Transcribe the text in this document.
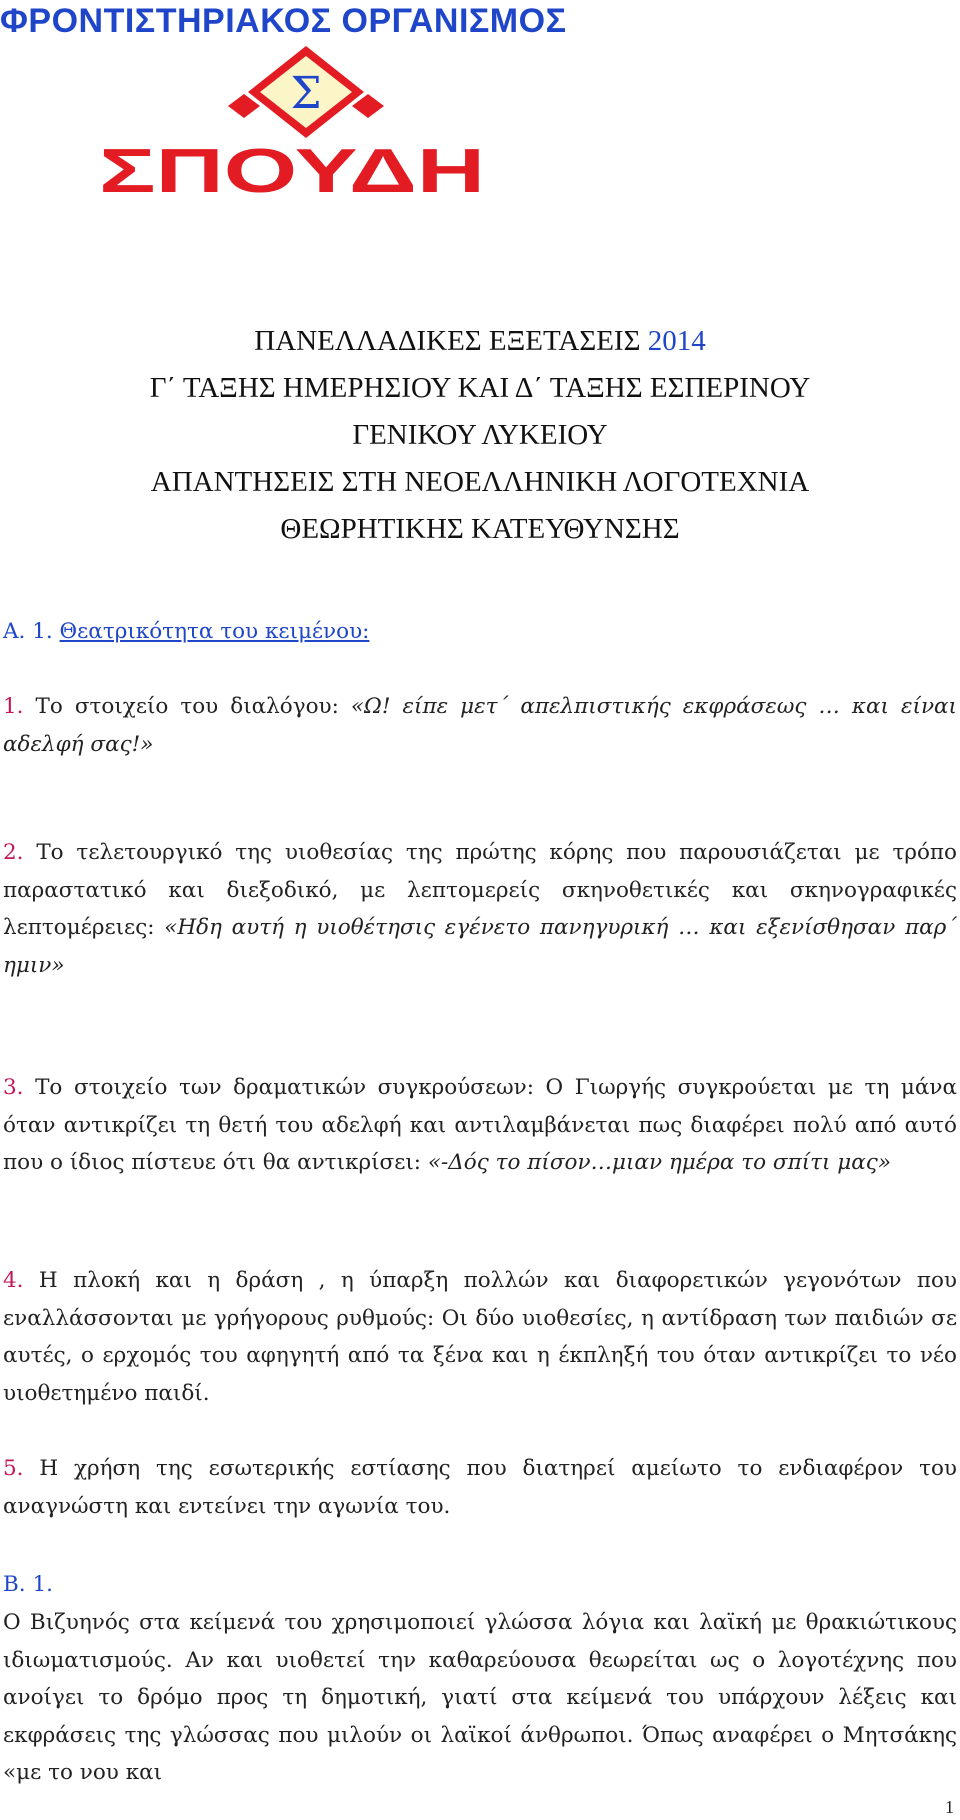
ΦΡΟΝΤΙΣΤΗΡΙΑΚΟΣ ΟΡΓΑΝΙΣΜΟΣ
Σ
ΣΠΟΥΔΗ
ΠΑΝΕΛΛΑΔΙΚΕΣ ΕΞΕΤΑΣΕΙΣ 2014
Γ΄ ΤΑΞΗΣ ΗΜΕΡΗΣΙΟΥ ΚΑΙ Δ΄ ΤΑΞΗΣ ΕΣΠΕΡΙΝΟΥ
ΓΕΝΙΚΟΥ ΛΥΚΕΙΟΥ
ΑΠΑΝΤΗΣΕΙΣ ΣΤΗ ΝΕΟΕΛΛΗΝΙΚΗ ΛΟΓΟΤΕΧΝΙΑ
ΘΕΩΡΗΤΙΚΗΣ ΚΑΤΕΥΘΥΝΣΗΣ

Α. 1. Θεατρικότητα του κειμένου:

1. Το στοιχείο του διαλόγου: «Ω! είπε μετ΄ απελπιστικής εκφράσεως … και είναι αδελφή σας!»

2. Το τελετουργικό της υιοθεσίας της πρώτης κόρης που παρουσιάζεται με τρόπο παραστατικό και διεξοδικό, με λεπτομερείς σκηνοθετικές και σκηνογραφικές λεπτομέρειες: «Ηδη αυτή η υιοθέτησις εγένετο πανηγυρική … και εξενίσθησαν παρ΄ ημιν»

3. Το στοιχείο των δραματικών συγκρούσεων: Ο Γιωργής συγκρούεται με τη μάνα όταν αντικρίζει τη θετή του αδελφή και αντιλαμβάνεται πως διαφέρει πολύ από αυτό που ο ίδιος πίστευε ότι θα αντικρίσει: «-Δός το πίσον…μιαν ημέρα το σπίτι μας»

4. Η πλοκή και η δράση , η ύπαρξη πολλών και διαφορετικών γεγονότων που εναλλάσσονται με γρήγορους ρυθμούς: Οι δύο υιοθεσίες, η αντίδραση των παιδιών σε αυτές, ο ερχομός του αφηγητή από τα ξένα και η έκπληξή του όταν αντικρίζει το νέο υιοθετημένο παιδί.

5. Η χρήση της εσωτερικής εστίασης που διατηρεί αμείωτο το ενδιαφέρον του αναγνώστη και εντείνει την αγωνία του.

Β. 1.

Ο Βιζυηνός στα κείμενά του χρησιμοποιεί γλώσσα λόγια και λαϊκή με θρακιώτικους ιδιωματισμούς. Αν και υιοθετεί την καθαρεύουσα θεωρείται ως ο λογοτέχνης που ανοίγει το δρόμο προς τη δημοτική, γιατί στα κείμενά του υπάρχουν λέξεις και εκφράσεις της γλώσσας που μιλούν οι λαϊκοί άνθρωποι. Όπως αναφέρει ο Μητσάκης «με το νου και

1
